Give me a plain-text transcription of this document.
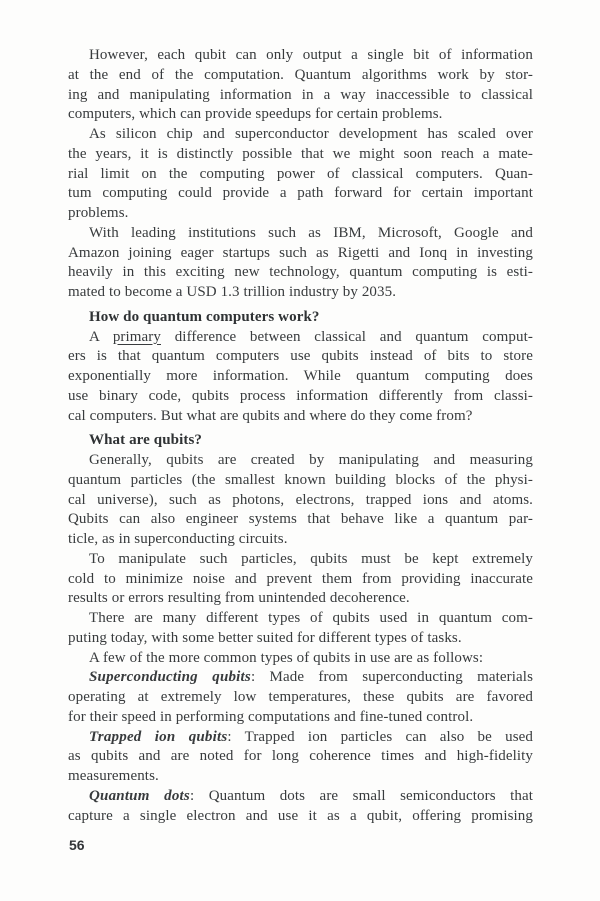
However, each qubit can only output a single bit of information
at the end of the computation. Quantum algorithms work by stor-
ing and manipulating information in a way inaccessible to classical
computers, which can provide speedups for certain problems.
As silicon chip and superconductor development has scaled over
the years, it is distinctly possible that we might soon reach a mate-
rial limit on the computing power of classical computers. Quan-
tum computing could provide a path forward for certain important
problems.
With leading institutions such as IBM, Microsoft, Google and
Amazon joining eager startups such as Rigetti and Ionq in investing
heavily in this exciting new technology, quantum computing is esti-
mated to become a USD 1.3 trillion industry by 2035.
How do quantum computers work?
A primary difference between classical and quantum comput-
ers is that quantum computers use qubits instead of bits to store
exponentially more information. While quantum computing does
use binary code, qubits process information differently from classi-
cal computers. But what are qubits and where do they come from?
What are qubits?
Generally, qubits are created by manipulating and measuring
quantum particles (the smallest known building blocks of the physi-
cal universe), such as photons, electrons, trapped ions and atoms.
Qubits can also engineer systems that behave like a quantum par-
ticle, as in superconducting circuits.
To manipulate such particles, qubits must be kept extremely
cold to minimize noise and prevent them from providing inaccurate
results or errors resulting from unintended decoherence.
There are many different types of qubits used in quantum com-
puting today, with some better suited for different types of tasks.
A few of the more common types of qubits in use are as follows:
Superconducting qubits: Made from superconducting materials
operating at extremely low temperatures, these qubits are favored
for their speed in performing computations and fine-tuned control.
Trapped ion qubits: Trapped ion particles can also be used
as qubits and are noted for long coherence times and high-fidelity
measurements.
Quantum dots: Quantum dots are small semiconductors that
capture a single electron and use it as a qubit, offering promising
56
